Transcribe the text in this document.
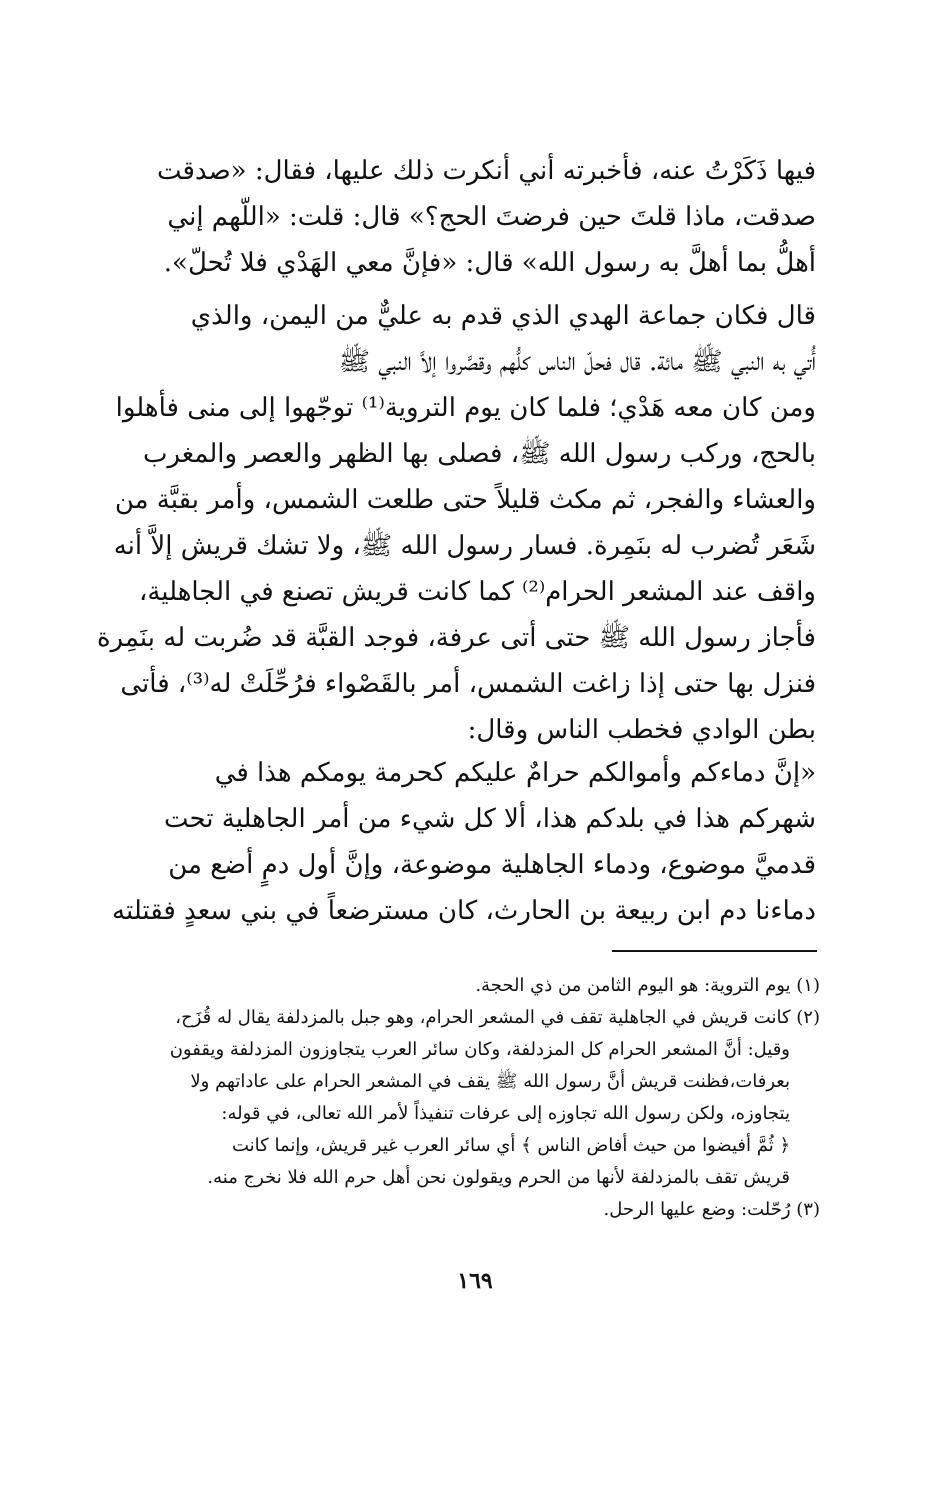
فيها ذَكَرْتُ عنه، فأخبرته أني أنكرت ذلك عليها، فقال: «صدقت
صدقت، ماذا قلتَ حين فرضتَ الحج؟» قال: قلت: «اللّهم إني
أهلُّ بما أهلَّ به رسول الله» قال: «فإنَّ معي الهَدْي فلا تُحلّ».
قال فكان جماعة الهدي الذي قدم به عليٌّ من اليمن، والذي
أُتي به النبي ﷺ مائة. قال فحلّ الناس كلُّهم وقصَّروا إلاَّ النبي ﷺ
ومن كان معه هَدْي؛ فلما كان يوم التروية⁽¹⁾ توجّهوا إلى منى فأهلوا
بالحج، وركب رسول الله ﷺ، فصلى بها الظهر والعصر والمغرب
والعشاء والفجر، ثم مكث قليلاً حتى طلعت الشمس، وأمر بقبَّة من
شَعَر تُضرب له بنَمِرة. فسار رسول الله ﷺ، ولا تشك قريش إلاَّ أنه
واقف عند المشعر الحرام⁽²⁾ كما كانت قريش تصنع في الجاهلية،
فأجاز رسول الله ﷺ حتى أتى عرفة، فوجد القبَّة قد ضُربت له بنَمِرة
فنزل بها حتى إذا زاغت الشمس، أمر بالقَصْواء فرُحِّلَتْ له⁽³⁾، فأتى
بطن الوادي فخطب الناس وقال:
«إنَّ دماءكم وأموالكم حرامٌ عليكم كحرمة يومكم هذا في
شهركم هذا في بلدكم هذا، ألا كل شيء من أمر الجاهلية تحت
قدميَّ موضوع، ودماء الجاهلية موضوعة، وإنَّ أول دمٍ أضع من
دماءنا دم ابن ربيعة بن الحارث، كان مسترضعاً في بني سعدٍ فقتلته
(١) يوم التروية: هو اليوم الثامن من ذي الحجة.
(٢) كانت قريش في الجاهلية تقف في المشعر الحرام، وهو جبل بالمزدلفة يقال له قُزَح،
وقيل: أنَّ المشعر الحرام كل المزدلفة، وكان سائر العرب يتجاوزون المزدلفة ويقفون
بعرفات،فظنت قريش أنَّ رسول الله ﷺ يقف في المشعر الحرام على عاداتهم ولا
يتجاوزه، ولكن رسول الله تجاوزه إلى عرفات تنفيذاً لأمر الله تعالى، في قوله:
﴿ ثُمَّ أفيضوا من حيث أفاض الناس ﴾ أي سائر العرب غير قريش، وإنما كانت
قريش تقف بالمزدلفة لأنها من الحرم ويقولون نحن أهل حرم الله فلا نخرج منه.
(٣) رُحّلت: وضع عليها الرحل.
١٦٩
